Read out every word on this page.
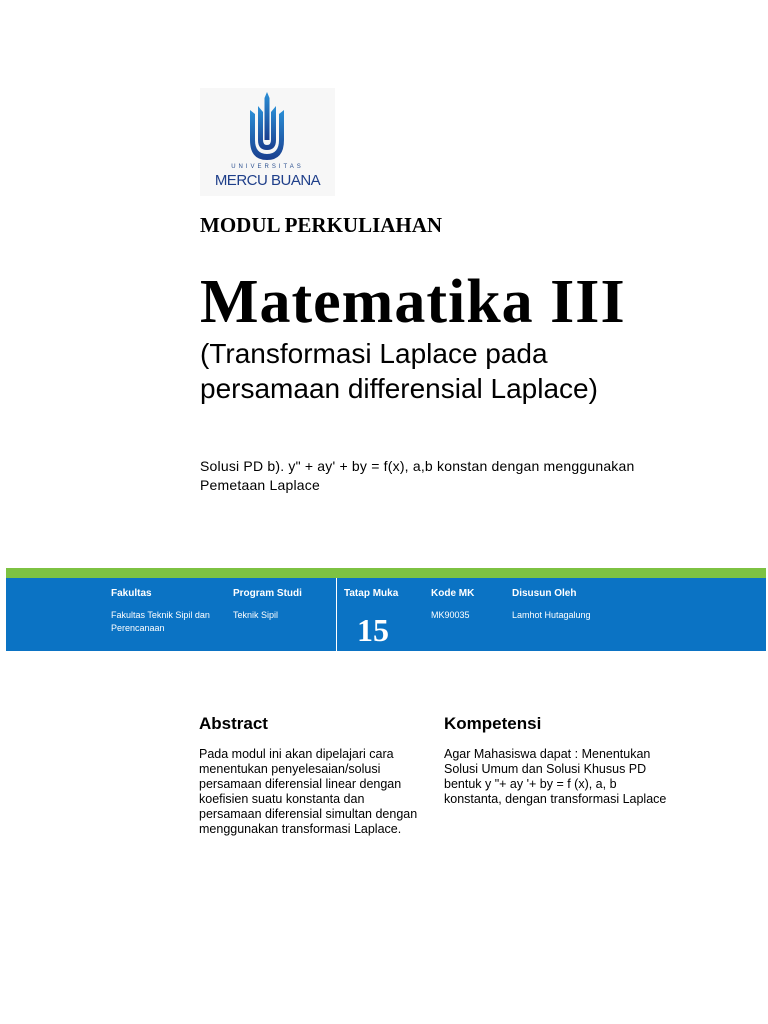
UNIVERSITAS
MERCU BUANA
MODUL PERKULIAHAN
Matematika III
(Transformasi Laplace pada persamaan differensial Laplace)
Solusi PD b). y" + ay' + by = f(x), a,b konstan dengan menggunakan Pemetaan Laplace
Fakultas
Fakultas Teknik Sipil dan Perencanaan
Program Studi
Teknik Sipil
Tatap Muka
15
Kode MK
MK90035
Disusun Oleh
Lamhot Hutagalung
Abstract
Pada modul ini akan dipelajari cara menentukan penyelesaian/solusi persamaan diferensial linear dengan koefisien suatu konstanta dan persamaan diferensial simultan dengan menggunakan transformasi Laplace.
Kompetensi
Agar Mahasiswa dapat : Menentukan Solusi Umum dan Solusi Khusus PD bentuk y "+ ay '+ by = f (x), a, b konstanta, dengan transformasi Laplace
